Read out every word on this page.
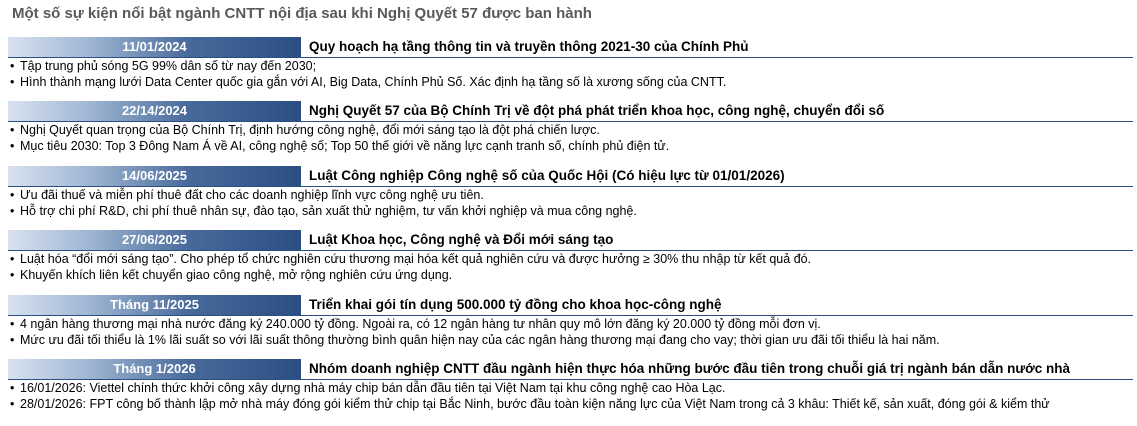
Một số sự kiện nổi bật ngành CNTT nội địa sau khi Nghị Quyết 57 được ban hành
11/01/2024	Quy hoạch hạ tầng thông tin và truyền thông 2021-30 của Chính Phủ
• Tập trung phủ sóng 5G 99% dân số từ nay đến 2030;
• Hình thành mạng lưới Data Center quốc gia gắn với AI, Big Data, Chính Phủ Số. Xác định hạ tầng số là xương sống của CNTT.
22/14/2024	Nghị Quyết 57 của Bộ Chính Trị về đột phá phát triển khoa học, công nghệ, chuyển đổi số
• Nghị Quyết quan trọng của Bộ Chính Trị, định hướng công nghệ, đổi mới sáng tạo là đột phá chiến lược.
• Mục tiêu 2030: Top 3 Đông Nam Á về AI, công nghệ số; Top 50 thế giới về năng lực cạnh tranh số, chính phủ điện tử.
14/06/2025	Luật Công nghiệp Công nghệ số của Quốc Hội (Có hiệu lực từ 01/01/2026)
• Ưu đãi thuế và miễn phí thuê đất cho các doanh nghiệp lĩnh vực công nghệ ưu tiên.
• Hỗ trợ chi phí R&D, chi phí thuê nhân sự, đào tạo, sản xuất thử nghiệm, tư vấn khởi nghiệp và mua công nghệ.
27/06/2025	Luật Khoa học, Công nghệ và Đổi mới sáng tạo
• Luật hóa “đổi mới sáng tạo”. Cho phép tổ chức nghiên cứu thương mại hóa kết quả nghiên cứu và được hưởng ≥ 30% thu nhập từ kết quả đó.
• Khuyến khích liên kết chuyển giao công nghệ, mở rộng nghiên cứu ứng dụng.
Tháng 11/2025	Triển khai gói tín dụng 500.000 tỷ đồng cho khoa học-công nghệ
• 4 ngân hàng thương mại nhà nước đăng ký 240.000 tỷ đồng. Ngoài ra, có 12 ngân hàng tư nhân quy mô lớn đăng ký 20.000 tỷ đồng mỗi đơn vị.
• Mức ưu đãi tối thiểu là 1% lãi suất so với lãi suất thông thường bình quân hiện nay của các ngân hàng thương mại đang cho vay; thời gian ưu đãi tối thiểu là hai năm.
Tháng 1/2026	Nhóm doanh nghiệp CNTT đầu ngành hiện thực hóa những bước đầu tiên trong chuỗi giá trị ngành bán dẫn nước nhà
• 16/01/2026: Viettel chính thức khởi công xây dựng nhà máy chip bán dẫn đầu tiên tại Việt Nam tại khu công nghệ cao Hòa Lạc.
• 28/01/2026: FPT công bố thành lập mở nhà máy đóng gói kiểm thử chip tại Bắc Ninh, bước đầu toàn kiện năng lực của Việt Nam trong cả 3 khâu: Thiết kế, sản xuất, đóng gói & kiểm thử
